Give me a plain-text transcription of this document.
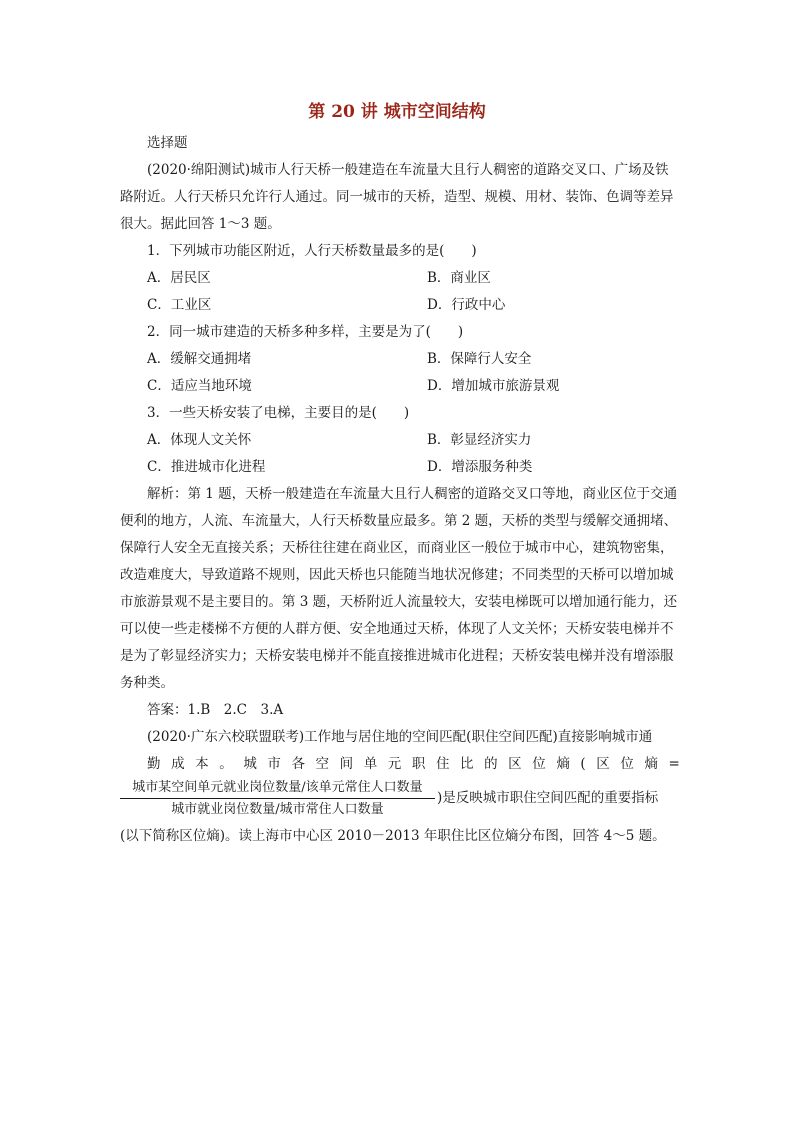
第 20 讲 城市空间结构

选择题

(2020·绵阳测试)城市人行天桥一般建造在车流量大且行人稠密的道路交叉口、广场及铁路附近。人行天桥只允许行人通过。同一城市的天桥，造型、规模、用材、装饰、色调等差异很大。据此回答 1～3 题。

1．下列城市功能区附近，人行天桥数量最多的是(　　)

A．居民区	B．商业区
C．工业区	D．行政中心

2．同一城市建造的天桥多种多样，主要是为了(　　)

A．缓解交通拥堵	B．保障行人安全
C．适应当地环境	D．增加城市旅游景观

3．一些天桥安装了电梯，主要目的是(　　)

A．体现人文关怀	B．彰显经济实力
C．推进城市化进程	D．增添服务种类

解析：第 1 题，天桥一般建造在车流量大且行人稠密的道路交叉口等地，商业区位于交通便利的地方，人流、车流量大，人行天桥数量应最多。第 2 题，天桥的类型与缓解交通拥堵、保障行人安全无直接关系；天桥往往建在商业区，而商业区一般位于城市中心，建筑物密集，改造难度大，导致道路不规则，因此天桥也只能随当地状况修建；不同类型的天桥可以增加城市旅游景观不是主要目的。第 3 题，天桥附近人流量较大，安装电梯既可以增加通行能力，还可以使一些走楼梯不方便的人群方便、安全地通过天桥，体现了人文关怀；天桥安装电梯并不是为了彰显经济实力；天桥安装电梯并不能直接推进城市化进程；天桥安装电梯并没有增添服务种类。

答案：1.B　2.C　3.A

(2020·广东六校联盟联考)工作地与居住地的空间匹配(职住空间匹配)直接影响城市通

勤 成 本 。 城 市 各 空 间 单 元 职 住 比 的 区 位 熵 ( 区 位 熵 =
城市某空间单元就业岗位数量/该单元常住人口数量
城市就业岗位数量/城市常住人口数量
)是反映城市职住空间匹配的重要指标

(以下简称区位熵)。读上海市中心区 2010－2013 年职住比区位熵分布图，回答 4～5 题。
